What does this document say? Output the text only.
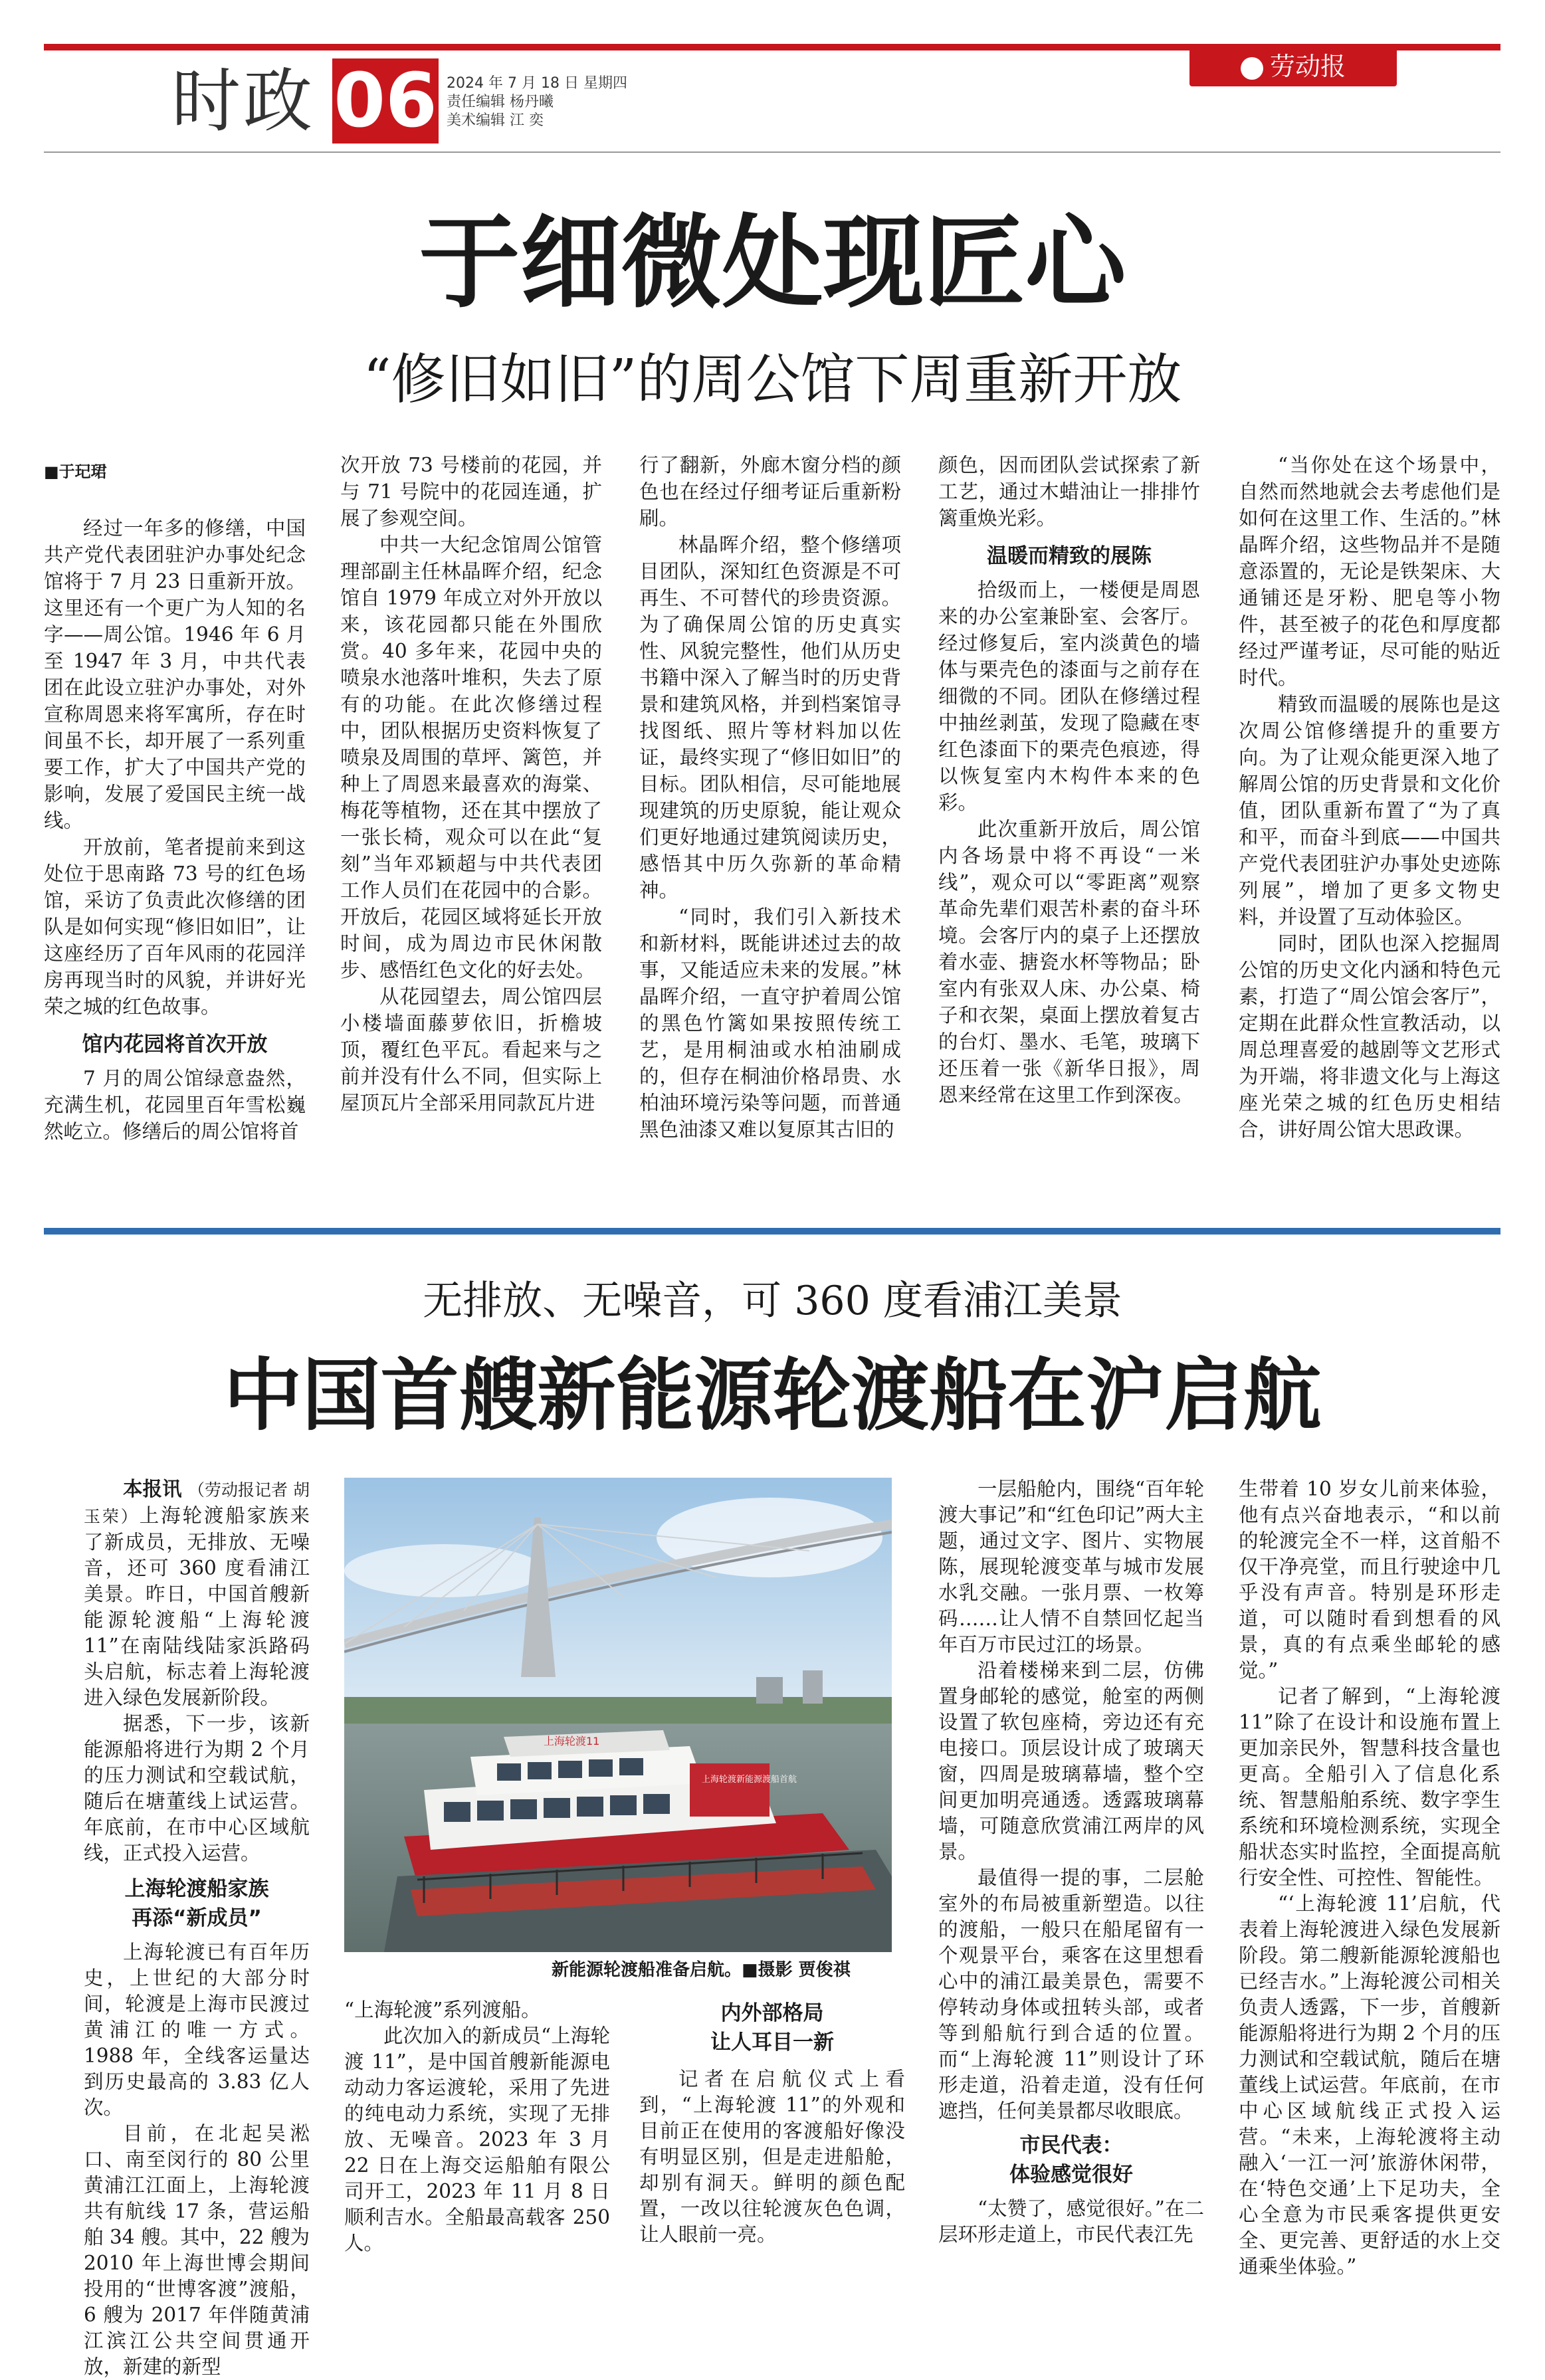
时政 06 2024 年 7 月 18 日 星期四
责任编辑 杨丹曦
美术编辑 江 奕
劳动报
于细微处现匠心
“修旧如旧”的周公馆下周重新开放
■于玘珺

经过一年多的修缮，中国共产党代表团驻沪办事处纪念馆将于 7 月 23 日重新开放。这里还有一个更广为人知的名字——周公馆。1946 年 6 月至 1947 年 3 月，中共代表团在此设立驻沪办事处，对外宣称周恩来将军寓所，存在时间虽不长，却开展了一系列重要工作，扩大了中国共产党的影响，发展了爱国民主统一战线。

开放前，笔者提前来到这处位于思南路 73 号的红色场馆，采访了负责此次修缮的团队是如何实现“修旧如旧”，让这座经历了百年风雨的花园洋房再现当时的风貌，并讲好光荣之城的红色故事。

馆内花园将首次开放

7 月的周公馆绿意盎然，充满生机，花园里百年雪松巍然屹立。修缮后的周公馆将首

次开放 73 号楼前的花园，并与 71 号院中的花园连通，扩展了参观空间。

中共一大纪念馆周公馆管理部副主任林晶晖介绍，纪念馆自 1979 年成立对外开放以来，该花园都只能在外围欣赏。40 多年来，花园中央的喷泉水池落叶堆积，失去了原有的功能。在此次修缮过程中，团队根据历史资料恢复了喷泉及周围的草坪、篱笆，并种上了周恩来最喜欢的海棠、梅花等植物，还在其中摆放了一张长椅，观众可以在此“复刻”当年邓颖超与中共代表团工作人员们在花园中的合影。开放后，花园区域将延长开放时间，成为周边市民休闲散步、感悟红色文化的好去处。

从花园望去，周公馆四层小楼墙面藤萝依旧，折檐坡顶，覆红色平瓦。看起来与之前并没有什么不同，但实际上屋顶瓦片全部采用同款瓦片进

行了翻新，外廊木窗分档的颜色也在经过仔细考证后重新粉刷。

林晶晖介绍，整个修缮项目团队，深知红色资源是不可再生、不可替代的珍贵资源。为了确保周公馆的历史真实性、风貌完整性，他们从历史书籍中深入了解当时的历史背景和建筑风格，并到档案馆寻找图纸、照片等材料加以佐证，最终实现了“修旧如旧”的目标。团队相信，尽可能地展现建筑的历史原貌，能让观众们更好地通过建筑阅读历史，感悟其中历久弥新的革命精神。

“同时，我们引入新技术和新材料，既能讲述过去的故事，又能适应未来的发展。”林晶晖介绍，一直守护着周公馆的黑色竹篱如果按照传统工艺，是用桐油或水柏油刷成的，但存在桐油价格昂贵、水柏油环境污染等问题，而普通黑色油漆又难以复原其古旧的

颜色，因而团队尝试探索了新工艺，通过木蜡油让一排排竹篱重焕光彩。

温暖而精致的展陈

拾级而上，一楼便是周恩来的办公室兼卧室、会客厅。经过修复后，室内淡黄色的墙体与栗壳色的漆面与之前存在细微的不同。团队在修缮过程中抽丝剥茧，发现了隐藏在枣红色漆面下的栗壳色痕迹，得以恢复室内木构件本来的色彩。

此次重新开放后，周公馆内各场景中将不再设“一米线”，观众可以“零距离”观察革命先辈们艰苦朴素的奋斗环境。会客厅内的桌子上还摆放着水壶、搪瓷水杯等物品；卧室内有张双人床、办公桌、椅子和衣架，桌面上摆放着复古的台灯、墨水、毛笔，玻璃下还压着一张《新华日报》，周恩来经常在这里工作到深夜。

“当你处在这个场景中，自然而然地就会去考虑他们是如何在这里工作、生活的。”林晶晖介绍，这些物品并不是随意添置的，无论是铁架床、大通铺还是牙粉、肥皂等小物件，甚至被子的花色和厚度都经过严谨考证，尽可能的贴近时代。

精致而温暖的展陈也是这次周公馆修缮提升的重要方向。为了让观众能更深入地了解周公馆的历史背景和文化价值，团队重新布置了“为了真和平，而奋斗到底——中国共产党代表团驻沪办事处史迹陈列展”，增加了更多文物史料，并设置了互动体验区。

同时，团队也深入挖掘周公馆的历史文化内涵和特色元素，打造了“周公馆会客厅”，定期在此群众性宣教活动，以周总理喜爱的越剧等文艺形式为开端，将非遗文化与上海这座光荣之城的红色历史相结合，讲好周公馆大思政课。

无排放、无噪音，可 360 度看浦江美景
中国首艘新能源轮渡船在沪启航

本报讯 （劳动报记者 胡玉荣）上海轮渡船家族来了新成员，无排放、无噪音，还可 360 度看浦江美景。昨日，中国首艘新能源轮渡船“上海轮渡 11”在南陆线陆家浜路码头启航，标志着上海轮渡进入绿色发展新阶段。

据悉，下一步，该新能源船将进行为期 2 个月的压力测试和空载试航，随后在塘董线上试运营。年底前，在市中心区域航线，正式投入运营。

上海轮渡船家族
再添“新成员”

上海轮渡已有百年历史，上世纪的大部分时间，轮渡是上海市民渡过黄浦江的唯一方式。1988 年，全线客运量达到历史最高的 3.83 亿人次。

目前，在北起吴淞口、南至闵行的 80 公里黄浦江江面上，上海轮渡共有航线 17 条，营运船舶 34 艘。其中，22 艘为 2010 年上海世博会期间投用的“世博客渡”渡船，6 艘为 2017 年伴随黄浦江滨江公共空间贯通开放，新建的新型

上海轮渡新能源渡船首航
上海轮渡11
新能源轮渡船准备启航。■摄影 贾俊祺

“上海轮渡”系列渡船。

此次加入的新成员“上海轮渡 11”，是中国首艘新能源电动动力客运渡轮，采用了先进的纯电动力系统，实现了无排放、无噪音。2023 年 3 月 22 日在上海交运船舶有限公司开工，2023 年 11 月 8 日顺利吉水。全船最高载客 250 人。

内外部格局
让人耳目一新

记者在启航仪式上看到，“上海轮渡 11”的外观和目前正在使用的客渡船好像没有明显区别，但是走进船舱，却别有洞天。鲜明的颜色配置，一改以往轮渡灰色色调，让人眼前一亮。

一层船舱内，围绕“百年轮渡大事记”和“红色印记”两大主题，通过文字、图片、实物展陈，展现轮渡变革与城市发展水乳交融。一张月票、一枚筹码……让人情不自禁回忆起当年百万市民过江的场景。

沿着楼梯来到二层，仿佛置身邮轮的感觉，舱室的两侧设置了软包座椅，旁边还有充电接口。顶层设计成了玻璃天窗，四周是玻璃幕墙，整个空间更加明亮通透。透露玻璃幕墙，可随意欣赏浦江两岸的风景。

最值得一提的事，二层舱室外的布局被重新塑造。以往的渡船，一般只在船尾留有一个观景平台，乘客在这里想看心中的浦江最美景色，需要不停转动身体或扭转头部，或者等到船航行到合适的位置。而“上海轮渡 11”则设计了环形走道，沿着走道，没有任何遮挡，任何美景都尽收眼底。

市民代表：
体验感觉很好

“太赞了，感觉很好。”在二层环形走道上，市民代表江先

生带着 10 岁女儿前来体验，他有点兴奋地表示，“和以前的轮渡完全不一样，这首船不仅干净亮堂，而且行驶途中几乎没有声音。特别是环形走道，可以随时看到想看的风景，真的有点乘坐邮轮的感觉。”

记者了解到，“上海轮渡 11”除了在设计和设施布置上更加亲民外，智慧科技含量也更高。全船引入了信息化系统、智慧船舶系统、数字孪生系统和环境检测系统，实现全船状态实时监控，全面提高航行安全性、可控性、智能性。

“‘上海轮渡 11’启航，代表着上海轮渡进入绿色发展新阶段。第二艘新能源轮渡船也已经吉水。”上海轮渡公司相关负责人透露，下一步，首艘新能源船将进行为期 2 个月的压力测试和空载试航，随后在塘董线上试运营。年底前，在市中心区域航线正式投入运营。“未来，上海轮渡将主动融入‘一江一河’旅游休闲带，在‘特色交通’上下足功夫，全心全意为市民乘客提供更安全、更完善、更舒适的水上交通乘坐体验。”
